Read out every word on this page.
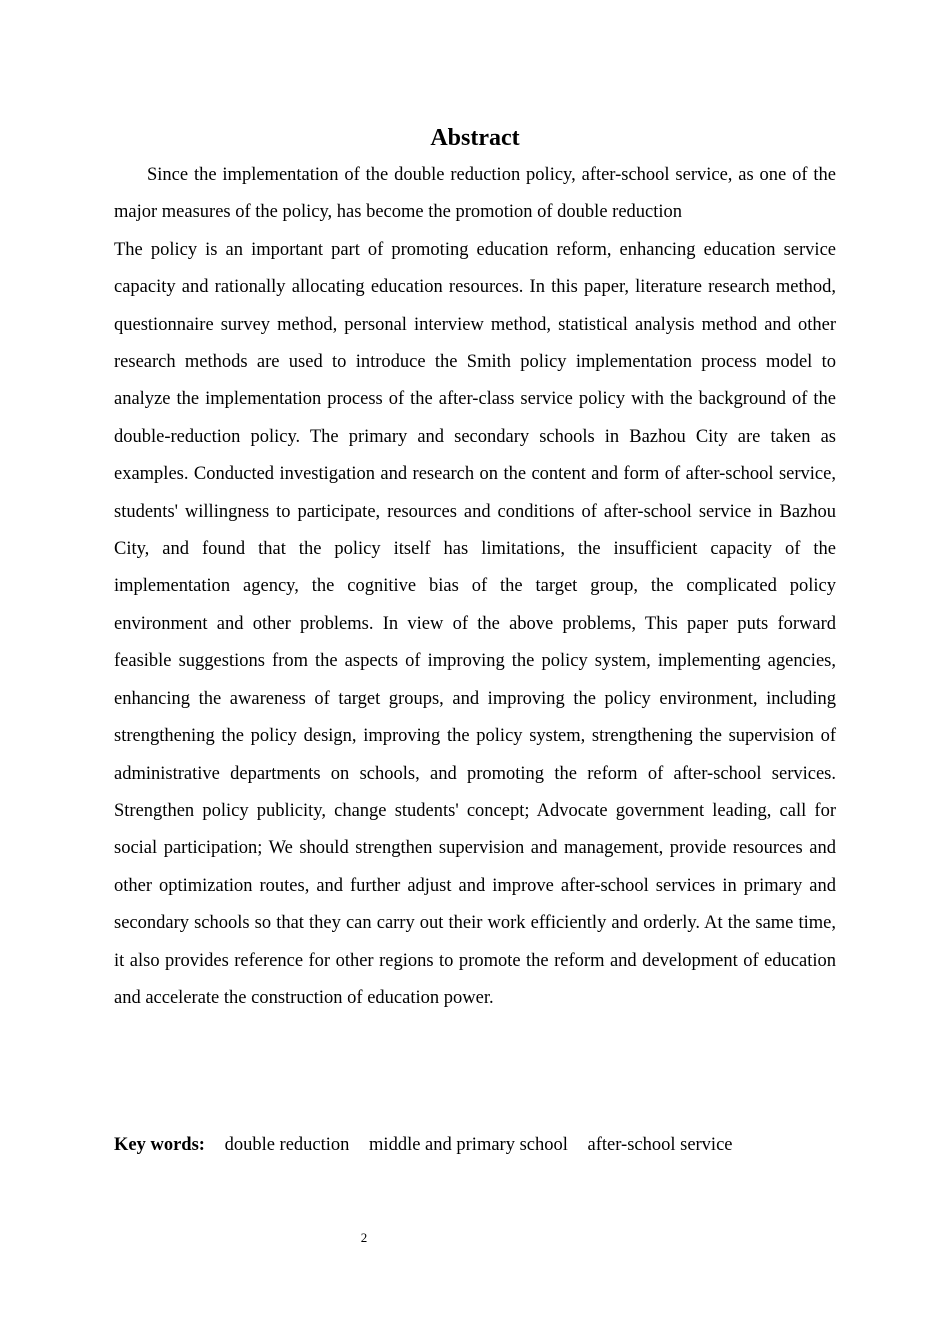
Abstract

Since the implementation of the double reduction policy, after-school service, as one of the major measures of the policy, has become the promotion of double reduction

The policy is an important part of promoting education reform, enhancing education service capacity and rationally allocating education resources. In this paper, literature research method, questionnaire survey method, personal interview method, statistical analysis method and other research methods are used to introduce the Smith policy implementation process model to analyze the implementation process of the after-class service policy with the background of the double-reduction policy. The primary and secondary schools in Bazhou City are taken as examples. Conducted investigation and research on the content and form of after-school service, students' willingness to participate, resources and conditions of after-school service in Bazhou City, and found that the policy itself has limitations, the insufficient capacity of the implementation agency, the cognitive bias of the target group, the complicated policy environment and other problems. In view of the above problems, This paper puts forward feasible suggestions from the aspects of improving the policy system, implementing agencies, enhancing the awareness of target groups, and improving the policy environment, including strengthening the policy design, improving the policy system, strengthening the supervision of administrative departments on schools, and promoting the reform of after-school services. Strengthen policy publicity, change students' concept; Advocate government leading, call for social participation; We should strengthen supervision and management, provide resources and other optimization routes, and further adjust and improve after-school services in primary and secondary schools so that they can carry out their work efficiently and orderly. At the same time, it also provides reference for other regions to promote the reform and development of education and accelerate the construction of education power.

Key words: double reduction middle and primary school after-school service
2
